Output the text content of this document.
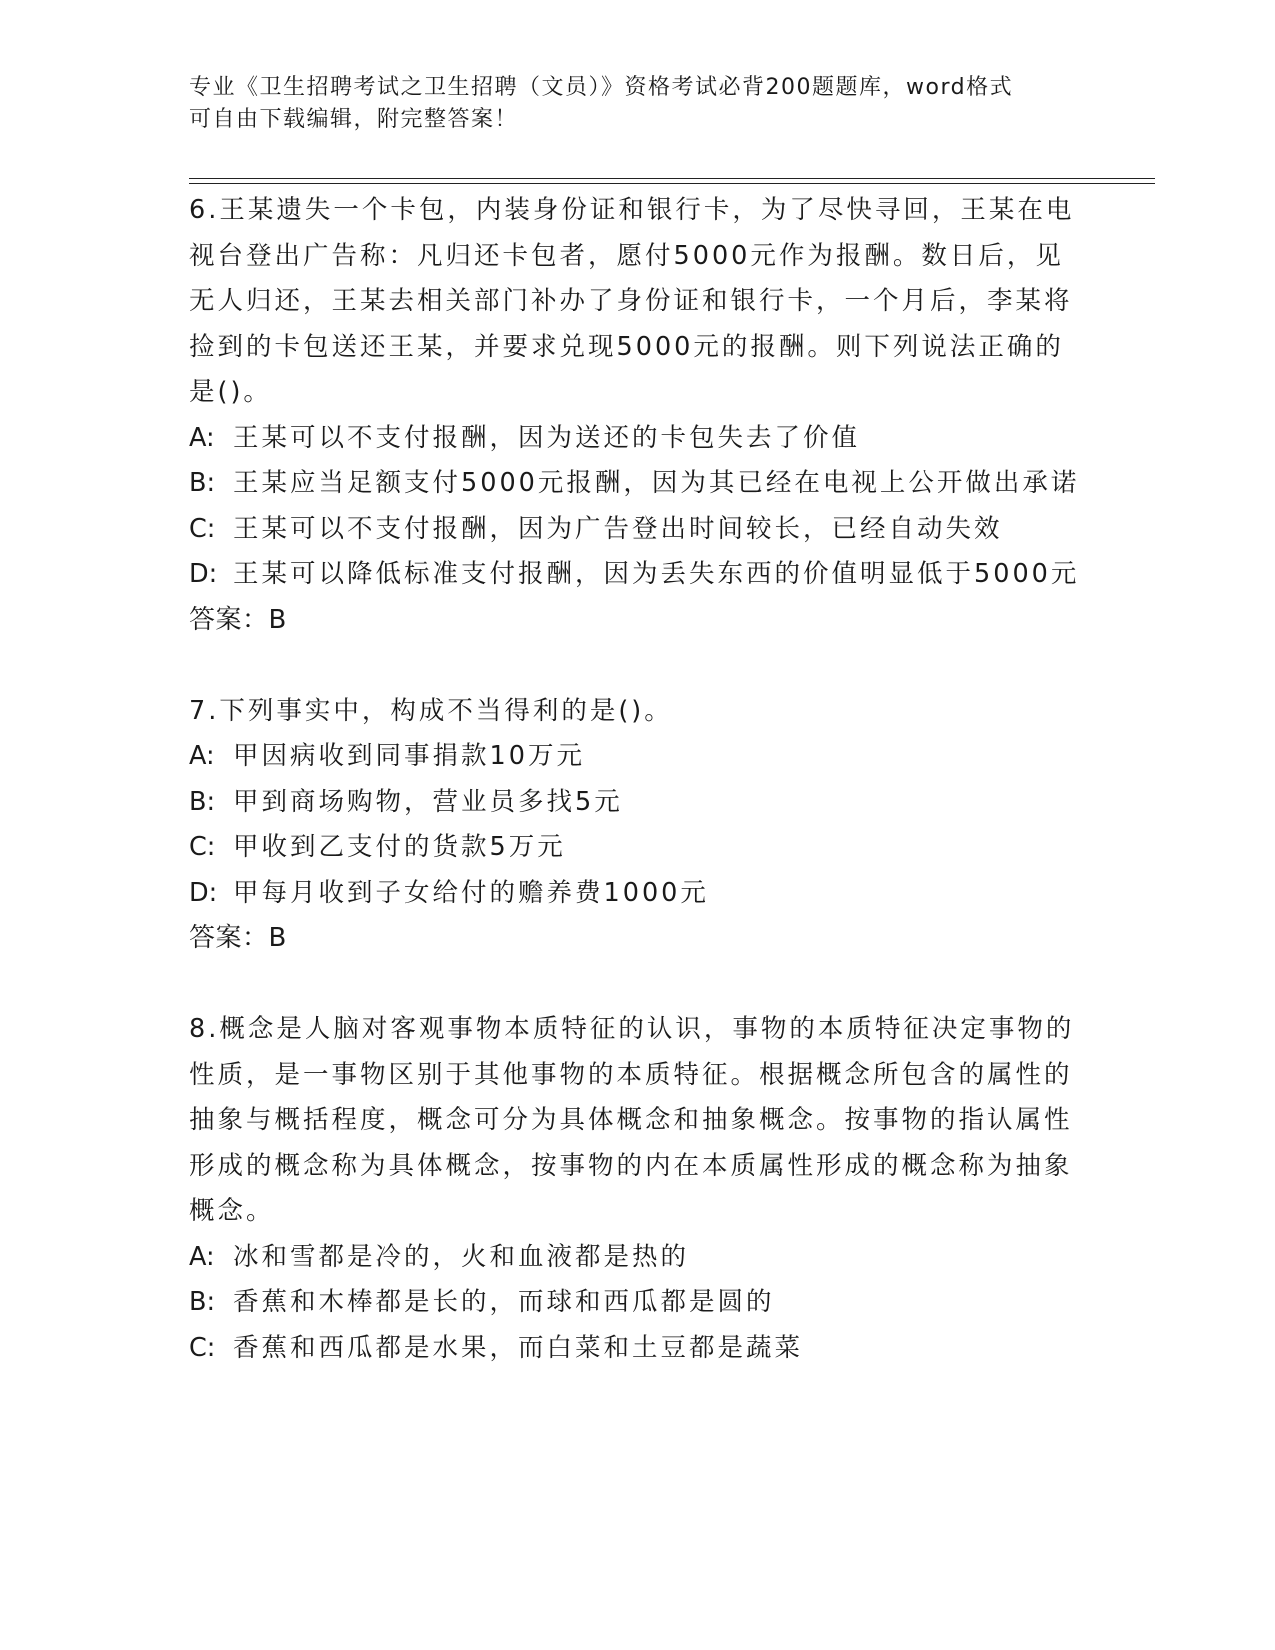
专业《卫生招聘考试之卫生招聘（文员）》资格考试必背200题题库，word格式
可自由下载编辑，附完整答案！

6.王某遗失一个卡包，内装身份证和银行卡，为了尽快寻回，王某在电视台登出广告称：凡归还卡包者，愿付5000元作为报酬。数日后，见无人归还，王某去相关部门补办了身份证和银行卡，一个月后，李某将捡到的卡包送还王某，并要求兑现5000元的报酬。则下列说法正确的是()。

A: 王某可以不支付报酬，因为送还的卡包失去了价值

B: 王某应当足额支付5000元报酬，因为其已经在电视上公开做出承诺

C: 王某可以不支付报酬，因为广告登出时间较长，已经自动失效

D: 王某可以降低标准支付报酬，因为丢失东西的价值明显低于5000元

答案：B

7.下列事实中，构成不当得利的是()。

A: 甲因病收到同事捐款10万元

B: 甲到商场购物，营业员多找5元

C: 甲收到乙支付的货款5万元

D: 甲每月收到子女给付的赡养费1000元

答案：B

8.概念是人脑对客观事物本质特征的认识，事物的本质特征决定事物的性质，是一事物区别于其他事物的本质特征。根据概念所包含的属性的抽象与概括程度，概念可分为具体概念和抽象概念。按事物的指认属性形成的概念称为具体概念，按事物的内在本质属性形成的概念称为抽象概念。

A: 冰和雪都是冷的，火和血液都是热的

B: 香蕉和木棒都是长的，而球和西瓜都是圆的

C: 香蕉和西瓜都是水果，而白菜和土豆都是蔬菜
